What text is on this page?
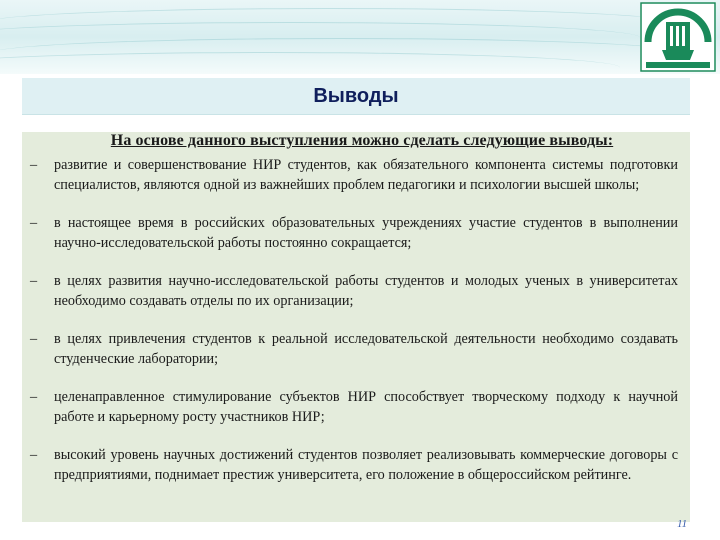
Выводы
На основе данного выступления можно сделать следующие выводы:
– развитие и совершенствование НИР студентов, как обязательного компонента системы подготовки специалистов, являются одной из важнейших проблем педагогики и психологии высшей школы;
– в настоящее время в российских образовательных учреждениях участие студентов в выполнении научно-исследовательской работы постоянно сокращается;
– в целях развития научно-исследовательской работы студентов и молодых ученых в университетах необходимо создавать отделы по их организации;
– в целях привлечения студентов к реальной исследовательской деятельности необходимо создавать студенческие лаборатории;
– целенаправленное стимулирование субъектов НИР способствует творческому подходу к научной работе и карьерному росту участников НИР;
– высокий уровень научных достижений студентов позволяет реализовывать коммерческие договоры с предприятиями, поднимает престиж университета, его положение в общероссийском рейтинге.
11
